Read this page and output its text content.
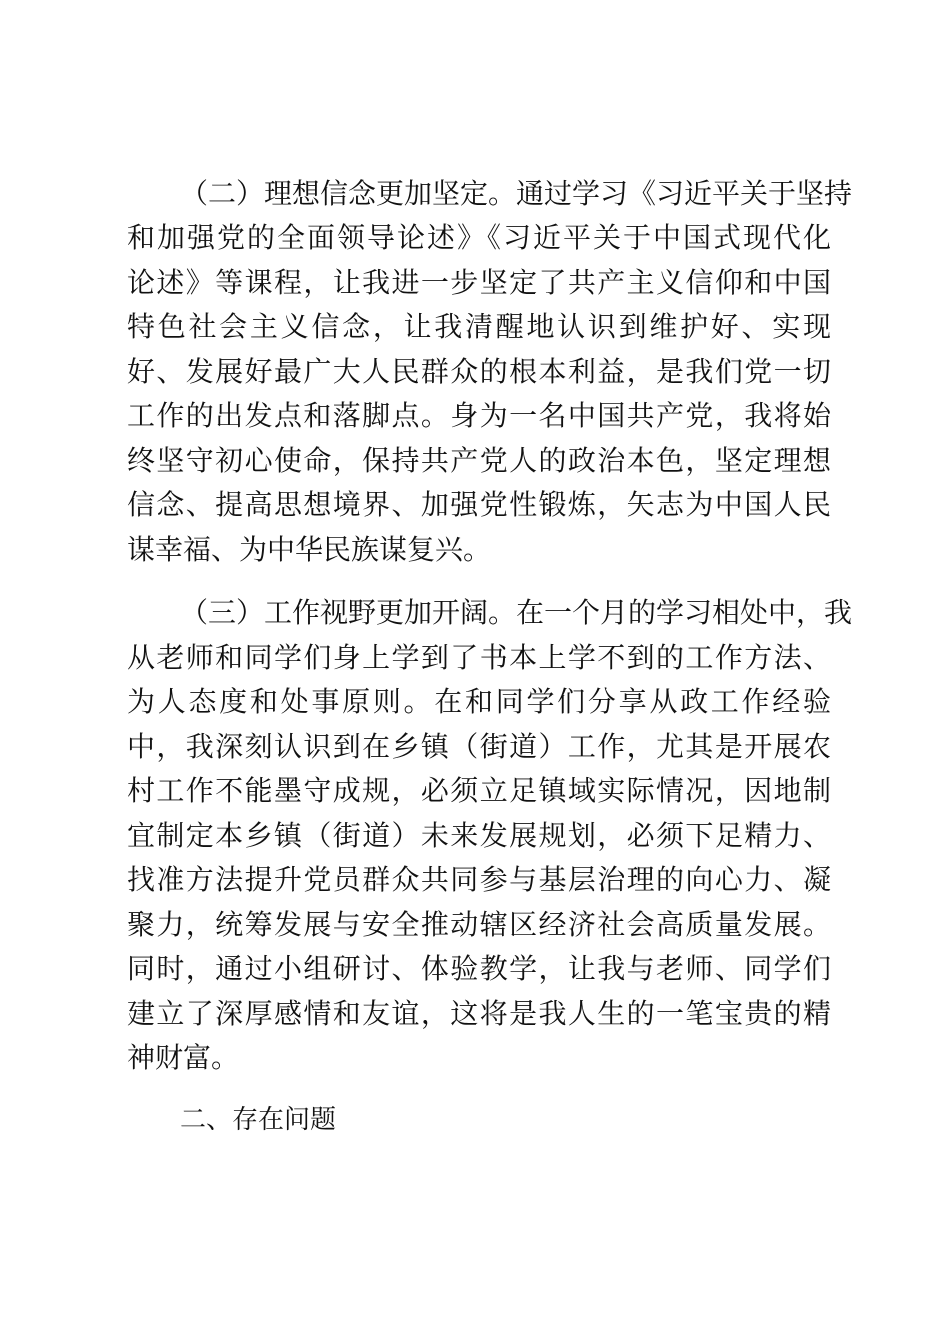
（二）理想信念更加坚定。通过学习《习近平关于坚持
和加强党的全面领导论述》《习近平关于中国式现代化
论述》等课程，让我进一步坚定了共产主义信仰和中国
特色社会主义信念，让我清醒地认识到维护好、实现
好、发展好最广大人民群众的根本利益，是我们党一切
工作的出发点和落脚点。身为一名中国共产党，我将始
终坚守初心使命，保持共产党人的政治本色，坚定理想
信念、提高思想境界、加强党性锻炼，矢志为中国人民
谋幸福、为中华民族谋复兴。
（三）工作视野更加开阔。在一个月的学习相处中，我
从老师和同学们身上学到了书本上学不到的工作方法、
为人态度和处事原则。在和同学们分享从政工作经验
中，我深刻认识到在乡镇（街道）工作，尤其是开展农
村工作不能墨守成规，必须立足镇域实际情况，因地制
宜制定本乡镇（街道）未来发展规划，必须下足精力、
找准方法提升党员群众共同参与基层治理的向心力、凝
聚力，统筹发展与安全推动辖区经济社会高质量发展。
同时，通过小组研讨、体验教学，让我与老师、同学们
建立了深厚感情和友谊，这将是我人生的一笔宝贵的精
神财富。
二、存在问题
